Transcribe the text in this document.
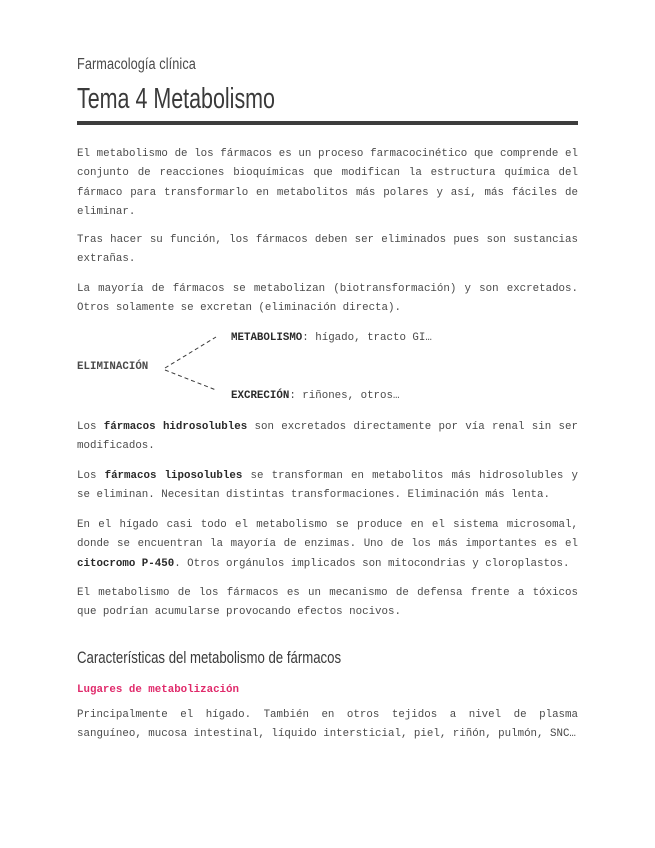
Farmacología clínica
Tema 4 Metabolismo

El metabolismo de los fármacos es un proceso farmacocinético que comprende el conjunto de reacciones bioquímicas que modifican la estructura química del fármaco para transformarlo en metabolitos más polares y así, más fáciles de eliminar.

Tras hacer su función, los fármacos deben ser eliminados pues son sustancias extrañas.

La mayoría de fármacos se metabolizan (biotransformación) y son excretados. Otros solamente se excretan (eliminación directa).

ELIMINACIÓN
METABOLISMO: hígado, tracto GI…
EXCRECIÓN: riñones, otros…

Los fármacos hidrosolubles son excretados directamente por vía renal sin ser modificados.

Los fármacos liposolubles se transforman en metabolitos más hidrosolubles y se eliminan. Necesitan distintas transformaciones. Eliminación más lenta.

En el hígado casi todo el metabolismo se produce en el sistema microsomal, donde se encuentran la mayoría de enzimas. Uno de los más importantes es el citocromo P-450. Otros orgánulos implicados son mitocondrias y cloroplastos.

El metabolismo de los fármacos es un mecanismo de defensa frente a tóxicos que podrían acumularse provocando efectos nocivos.

Características del metabolismo de fármacos
Lugares de metabolización

Principalmente el hígado. También en otros tejidos a nivel de plasma sanguíneo, mucosa intestinal, líquido intersticial, piel, riñón, pulmón, SNC…
